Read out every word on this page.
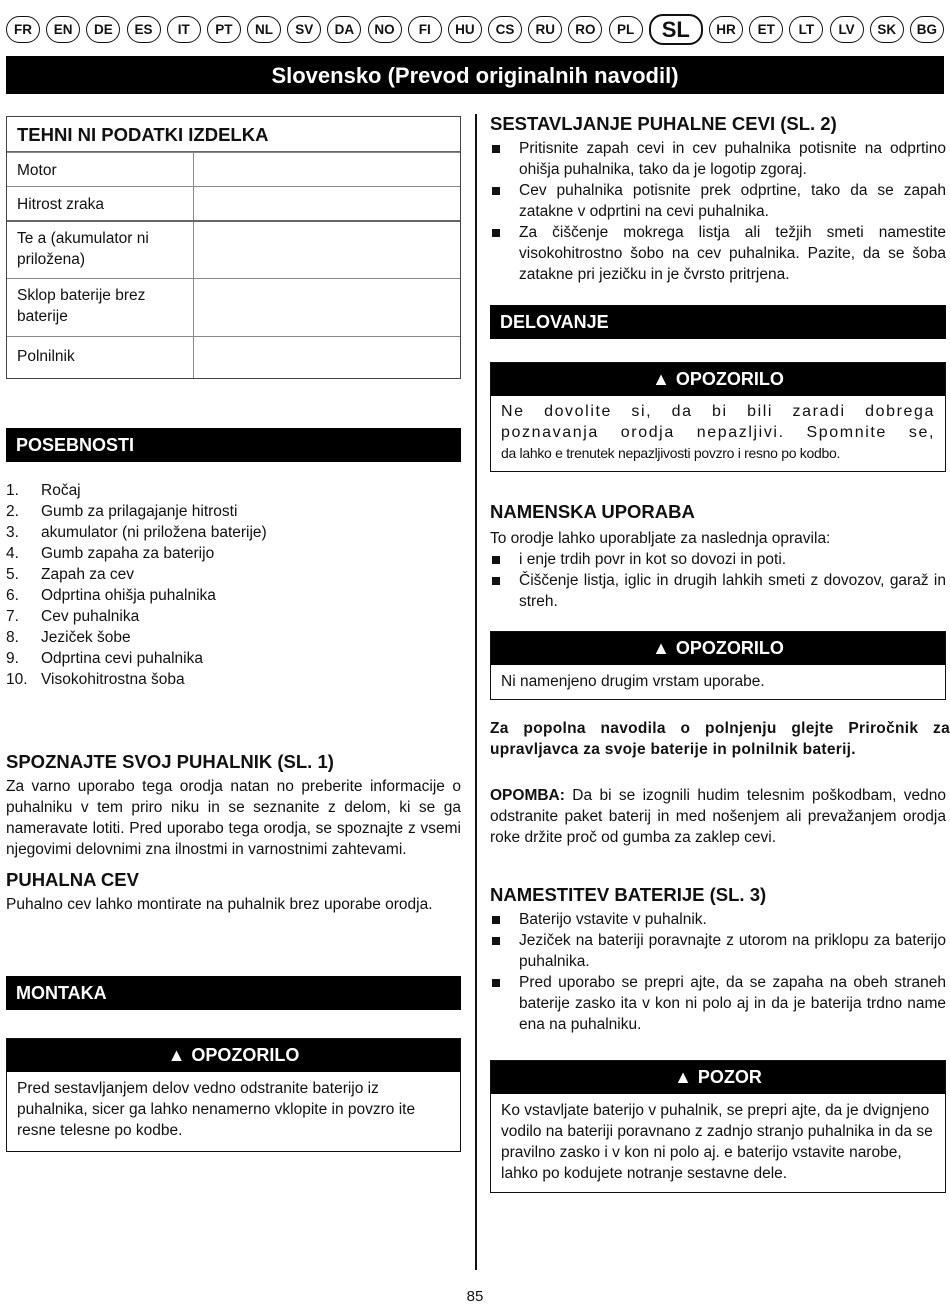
FR	EN	DE	ES	IT	PT	NL	SV	DA	NO	FI	HU	CS	RU	RO	PL	SL	HR	ET	LT	LV	SK	BG
Slovensko (Prevod originalnih navodil)
TEHNI NI PODATKI IZDELKA
Motor
Hitrost zraka
Te a (akumulator ni priložena)
Sklop baterije brez baterije
Polnilnik
POSEBNOSTI
1.	Ročaj
2.	Gumb za prilagajanje hitrosti
3.	akumulator (ni priložena baterije)
4.	Gumb zapaha za baterijo
5.	Zapah za cev
6.	Odprtina ohišja puhalnika
7.	Cev puhalnika
8.	Jeziček šobe
9.	Odprtina cevi puhalnika
10. Visokohitrostna šoba
SPOZNAJTE SVOJ PUHALNIK (SL. 1)

Za varno uporabo tega orodja natan no preberite informacije o puhalniku v tem priro niku in se seznanite z delom, ki se ga nameravate lotiti. Pred uporabo tega orodja, se spoznajte z vsemi njegovimi delovnimi zna ilnostmi in varnostnimi zahtevami.

PUHALNA CEV

Puhalno cev lahko montirate na puhalnik brez uporabe orodja.

MONTAKA
▲ OPOZORILO
Pred sestavljanjem delov vedno odstranite baterijo iz puhalnika, sicer ga lahko nenamerno vklopite in povzro ite resne telesne po kodbe.
SESTAVLJANJE PUHALNE CEVI (SL. 2)
Pritisnite zapah cevi in cev puhalnika potisnite na odprtino ohišja puhalnika, tako da je logotip zgoraj.
Cev puhalnika potisnite prek odprtine, tako da se zapah zatakne v odprtini na cevi puhalnika.
Za čiščenje mokrega listja ali težjih smeti namestite visokohitrostno šobo na cev puhalnika. Pazite, da se šoba zatakne pri jezičku in je čvrsto pritrjena.
DELOVANJE
▲ OPOZORILO
Ne dovolite si, da bi bili zaradi dobrega poznavanja orodja nepazljivi. Spomnite se,
da lahko e trenutek nepazljivosti povzro i resno po kodbo.
NAMENSKA UPORABA

To orodje lahko uporabljate za naslednja opravila:

i enje trdih povr in kot so dovozi in poti.
Čiščenje listja, iglic in drugih lahkih smeti z dovozov, garaž in streh.
▲ OPOZORILO
Ni namenjeno drugim vrstam uporabe.

Za popolna navodila o polnjenju glejte Priročnik za upravljavca za svoje baterije in polnilnik baterij.

OPOMBA: Da bi se izognili hudim telesnim poškodbam, vedno odstranite paket baterij in med nošenjem ali prevažanjem orodja roke držite proč od gumba za zaklep cevi.

NAMESTITEV BATERIJE (SL. 3)
Baterijo vstavite v puhalnik.
Jeziček na bateriji poravnajte z utorom na priklopu za baterijo puhalnika.
Pred uporabo se prepri ajte, da se zapaha na obeh straneh baterije zasko ita v kon ni polo aj in da je baterija trdno name ena na puhalniku.
▲ POZOR
Ko vstavljate baterijo v puhalnik, se prepri ajte, da je dvignjeno vodilo na bateriji poravnano z zadnjo stranjo puhalnika in da se pravilno zasko i v kon ni polo aj. e baterijo vstavite narobe, lahko po kodujete notranje sestavne dele.
85
